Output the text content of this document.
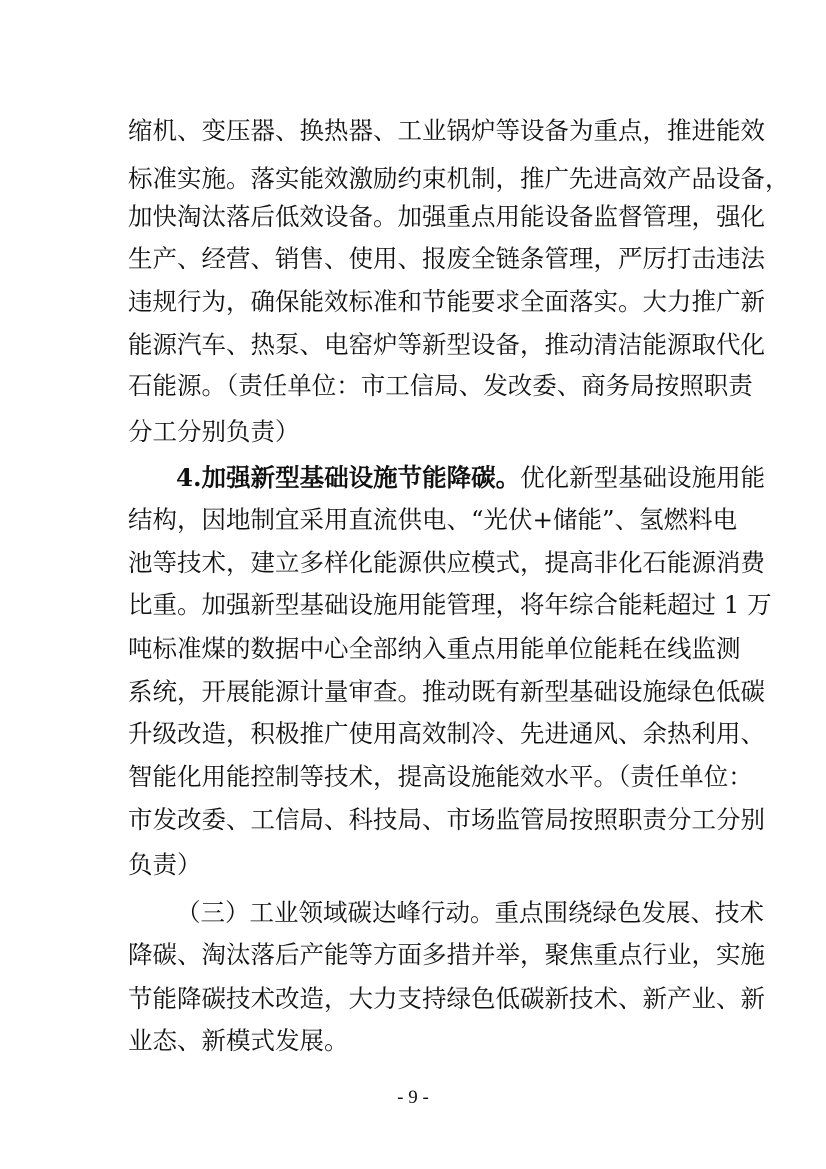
缩机、变压器、换热器、工业锅炉等设备为重点，推进能效
标准实施。落实能效激励约束机制，推广先进高效产品设备，
加快淘汰落后低效设备。加强重点用能设备监督管理，强化
生产、经营、销售、使用、报废全链条管理，严厉打击违法
违规行为，确保能效标准和节能要求全面落实。大力推广新
能源汽车、热泵、电窑炉等新型设备，推动清洁能源取代化
石能源。（责任单位：市工信局、发改委、商务局按照职责
分工分别负责）
4.加强新型基础设施节能降碳。优化新型基础设施用能
结构，因地制宜采用直流供电、“光伏+储能”、氢燃料电
池等技术，建立多样化能源供应模式，提高非化石能源消费
比重。加强新型基础设施用能管理，将年综合能耗超过 1 万
吨标准煤的数据中心全部纳入重点用能单位能耗在线监测
系统，开展能源计量审查。推动既有新型基础设施绿色低碳
升级改造，积极推广使用高效制冷、先进通风、余热利用、
智能化用能控制等技术，提高设施能效水平。（责任单位：
市发改委、工信局、科技局、市场监管局按照职责分工分别
负责）
（三）工业领域碳达峰行动。重点围绕绿色发展、技术
降碳、淘汰落后产能等方面多措并举，聚焦重点行业，实施
节能降碳技术改造，大力支持绿色低碳新技术、新产业、新
业态、新模式发展。
- 9 -
